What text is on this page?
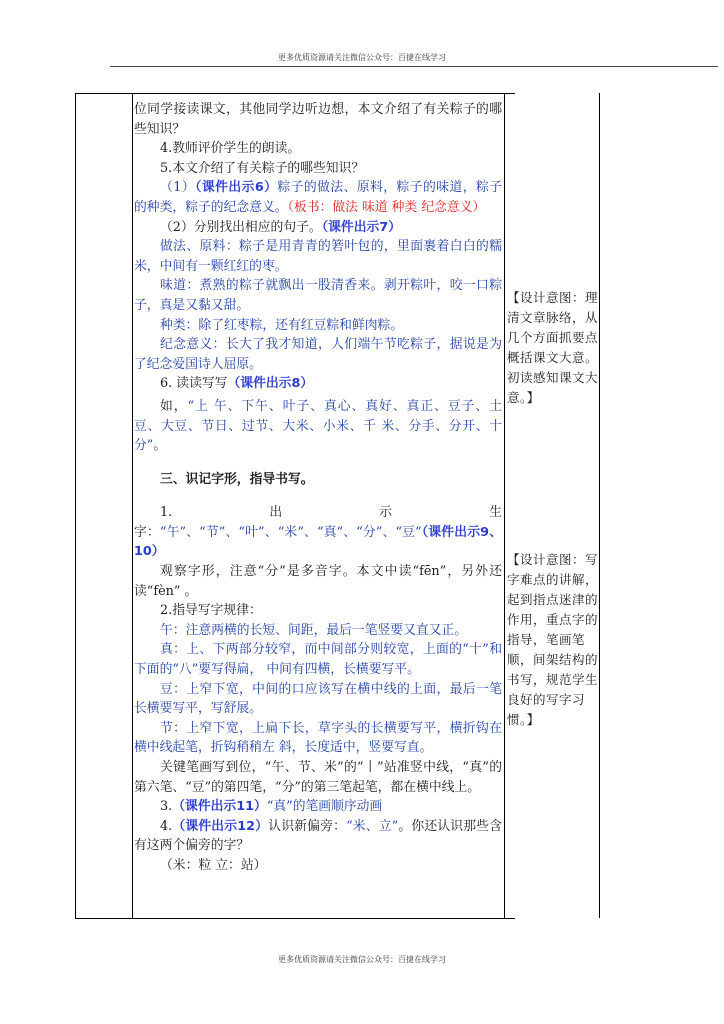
更多优质资源请关注微信公众号：百捷在线学习

位同学接读课文，其他同学边听边想，本文介绍了有关粽子的哪些知识？

4.教师评价学生的朗读。

5.本文介绍了有关粽子的哪些知识？

（1）（课件出示6）粽子的做法、原料，粽子的味道，粽子的种类，粽子的纪念意义。（板书：做法 味道 种类 纪念意义）

（2）分别找出相应的句子。（课件出示7）

做法、原料：粽子是用青青的箬叶包的，里面裹着白白的糯米，中间有一颗红红的枣。

味道：煮熟的粽子就飘出一股清香来。剥开粽叶，咬一口粽子，真是又黏又甜。

种类：除了红枣粽，还有红豆粽和鲜肉粽。

纪念意义：长大了我才知道，人们端午节吃粽子，据说是为了纪念爱国诗人屈原。

6. 读读写写（课件出示8）

如，“上 午、下午、叶子、真心、真好、真正、豆子、土豆、大豆、节日、过节、大米、小米、千 米、分手、分开、十分”。

三、识记字形，指导书写。

1.出示生字：“午”、“节”、“叶”、“米”、“真”、“分”、“豆”（课件出示9、10）

观察字形，注意“分”是多音字。本文中读“fēn”，另外还读“fèn” 。

2.指导写字规律：

午：注意两横的长短、间距，最后一笔竖要又直又正。

真：上、下两部分较窄，而中间部分则较宽，上面的“十”和下面的“八”要写得扁， 中间有四横，长横要写平。

豆：上窄下宽，中间的口应该写在横中线的上面，最后一笔长横要写平，写舒展。

节：上窄下宽，上扁下长，草字头的长横要写平，横折钩在横中线起笔，折钩稍稍左 斜，长度适中，竖要写直。

关键笔画写到位，“午、节、米”的“丨”站准竖中线，“真”的第六笔、“豆”的第四笔，“分”的第三笔起笔，都在横中线上。

3.（课件出示11）“真”的笔画顺序动画

4.（课件出示12）认识新偏旁：“米、立”。你还认识那些含有这两个偏旁的字？

（米：粒 立：站）

【设计意图：理清文章脉络，从几个方面抓要点概括课文大意。初读感知课文大意。】
【设计意图：写字难点的讲解，起到指点迷津的作用，重点字的指导，笔画笔顺，间架结构的书写，规范学生良好的写字习惯。】
更多优质资源请关注微信公众号：百捷在线学习
